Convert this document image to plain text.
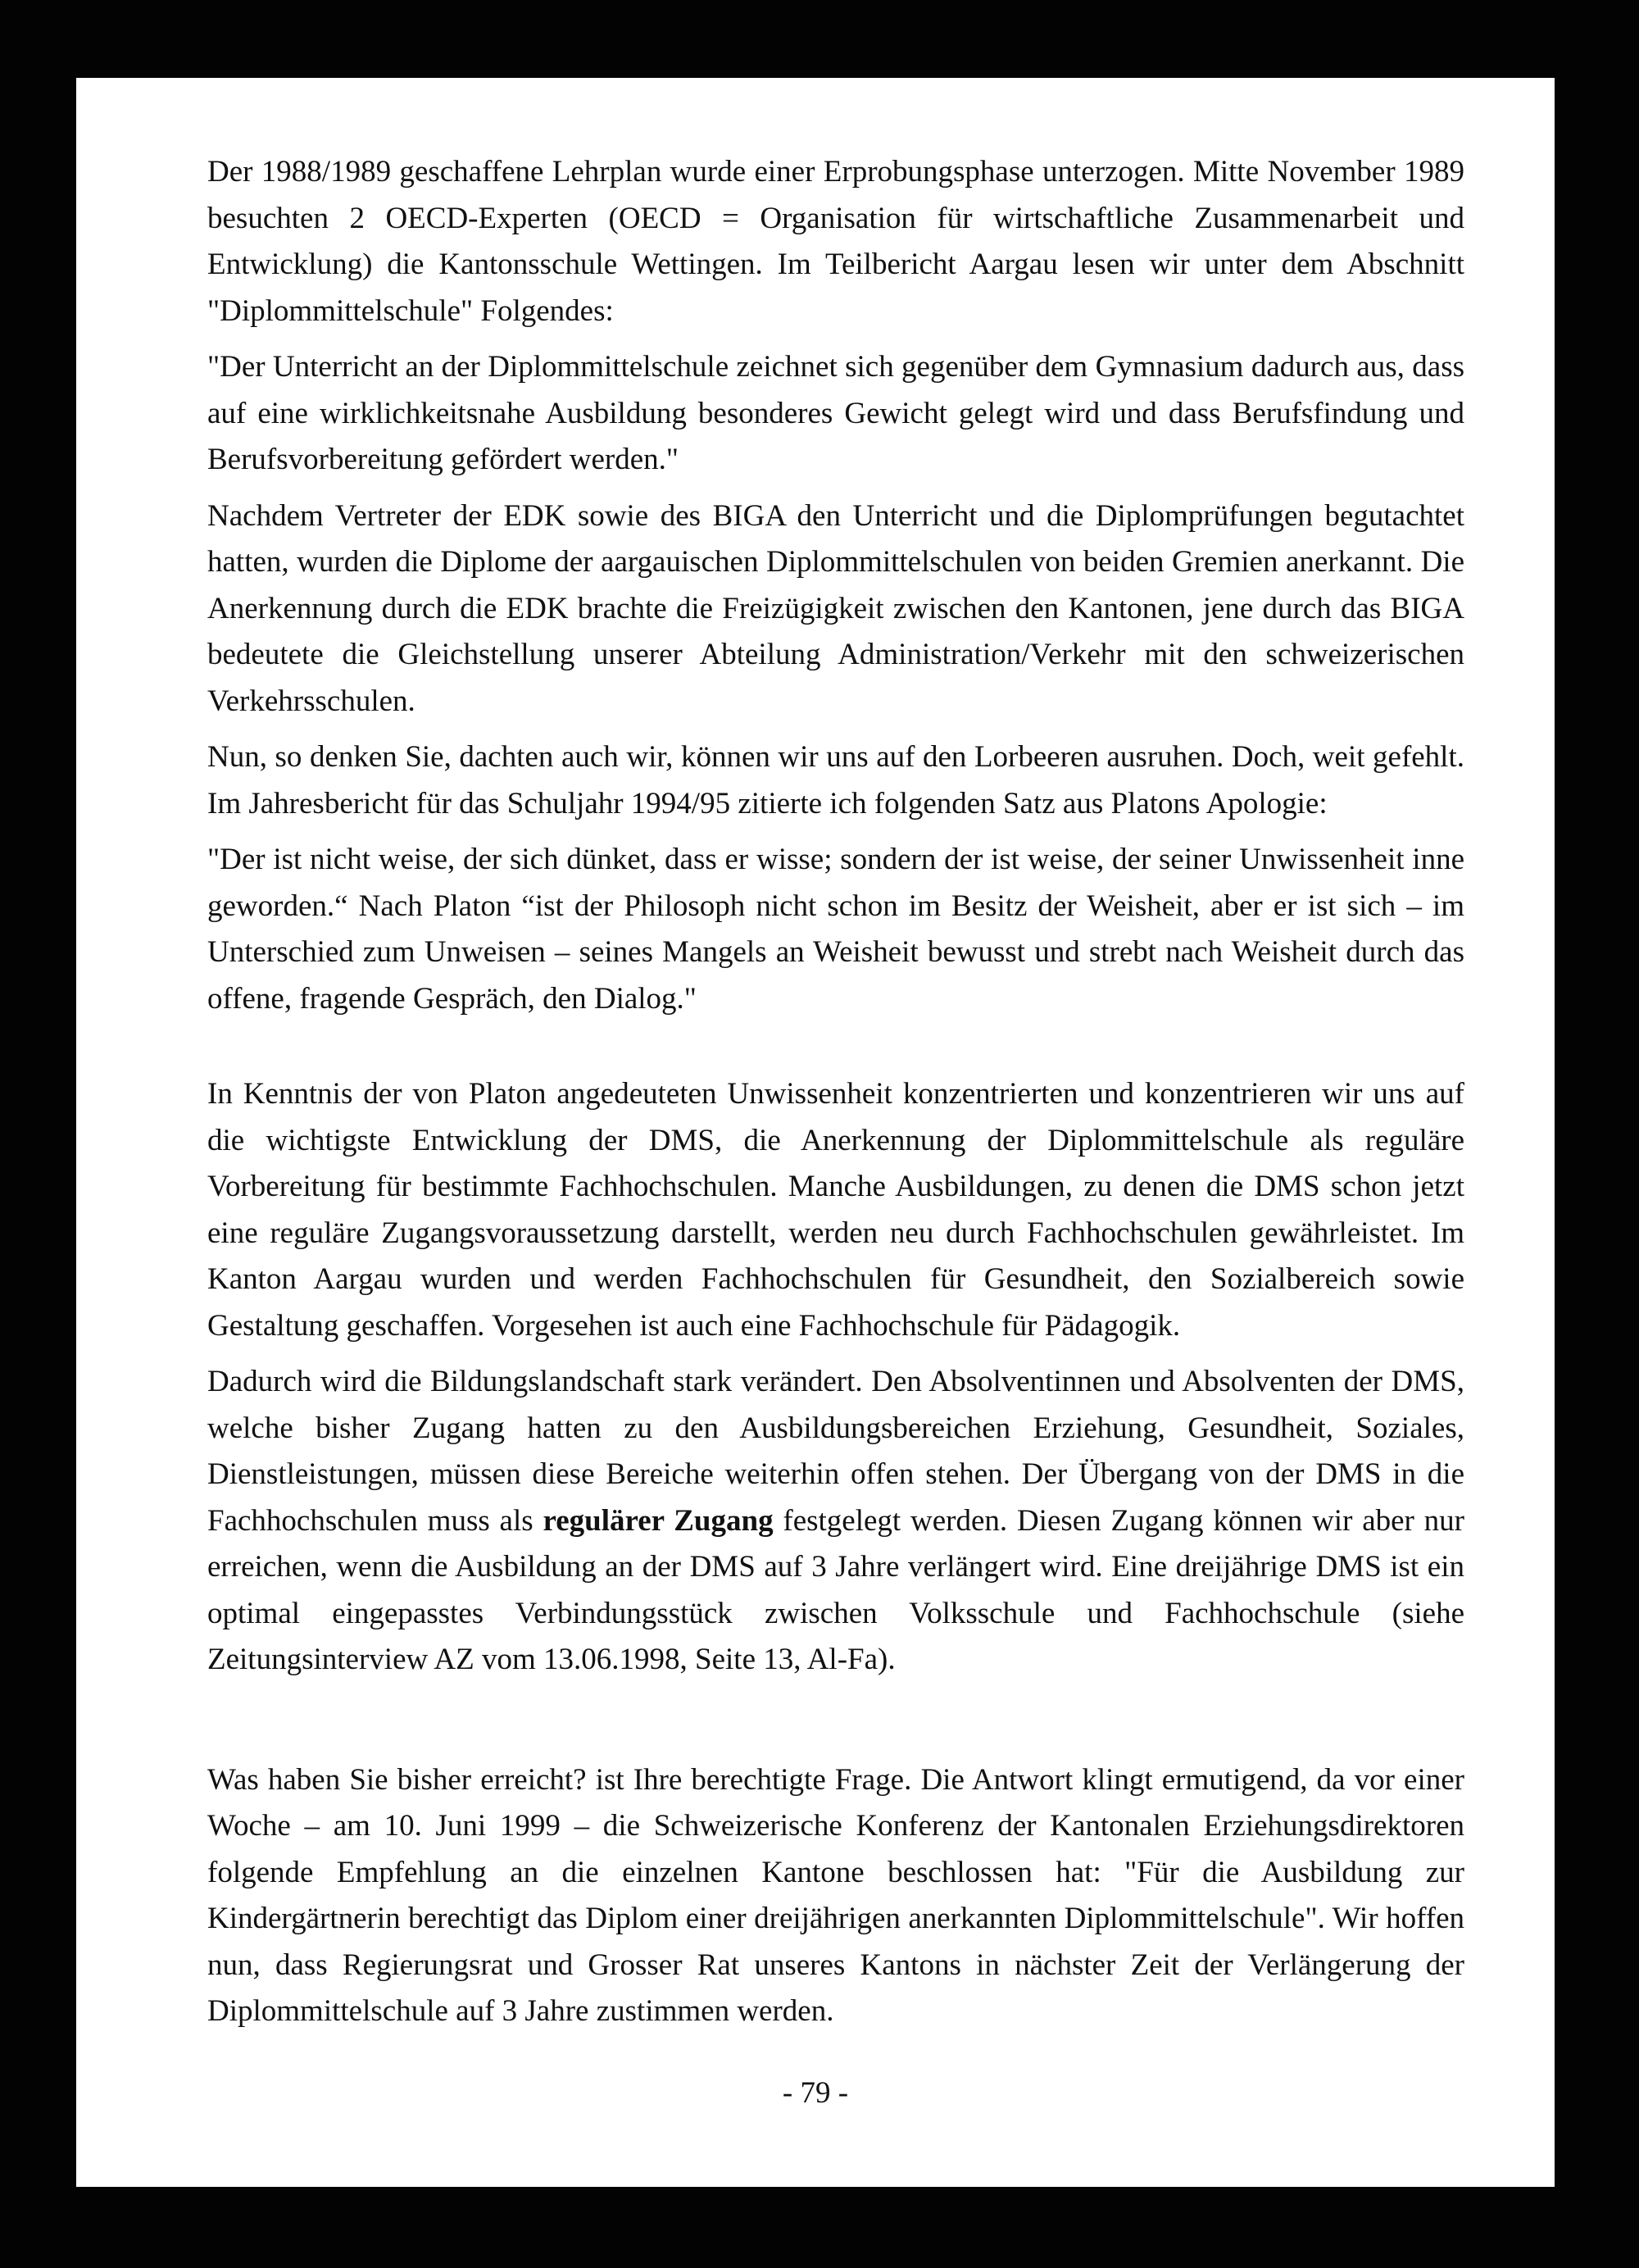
Der 1988/1989 geschaffene Lehrplan wurde einer Erprobungsphase unterzogen. Mitte November 1989 besuchten 2 OECD-Experten (OECD = Organisation für wirtschaftliche Zusammenarbeit und Entwicklung) die Kantonsschule Wettingen. Im Teilbericht Aargau lesen wir unter dem Abschnitt "Diplommittelschule" Folgendes:

"Der Unterricht an der Diplommittelschule zeichnet sich gegenüber dem Gymnasium dadurch aus, dass auf eine wirklichkeitsnahe Ausbildung besonderes Gewicht gelegt wird und dass Berufsfindung und Berufsvorbereitung gefördert werden."

Nachdem Vertreter der EDK sowie des BIGA den Unterricht und die Diplomprüfungen begutachtet hatten, wurden die Diplome der aargauischen Diplommittelschulen von beiden Gremien anerkannt. Die Anerkennung durch die EDK brachte die Freizügigkeit zwischen den Kantonen, jene durch das BIGA bedeutete die Gleichstellung unserer Abteilung Administration/Verkehr mit den schweizerischen Verkehrsschulen.

Nun, so denken Sie, dachten auch wir, können wir uns auf den Lorbeeren ausruhen. Doch, weit gefehlt. Im Jahresbericht für das Schuljahr 1994/95 zitierte ich folgenden Satz aus Platons Apologie:

"Der ist nicht weise, der sich dünket, dass er wisse; sondern der ist weise, der seiner Unwissenheit inne geworden.“ Nach Platon “ist der Philosoph nicht schon im Besitz der Weisheit, aber er ist sich – im Unterschied zum Unweisen – seines Mangels an Weisheit bewusst und strebt nach Weisheit durch das offene, fragende Gespräch, den Dialog."

In Kenntnis der von Platon angedeuteten Unwissenheit konzentrierten und konzentrieren wir uns auf die wichtigste Entwicklung der DMS, die Anerkennung der Diplommittelschule als reguläre Vorbereitung für bestimmte Fachhochschulen. Manche Ausbildungen, zu denen die DMS schon jetzt eine reguläre Zugangsvoraussetzung darstellt, werden neu durch Fachhochschulen gewährleistet. Im Kanton Aargau wurden und werden Fachhochschulen für Gesundheit, den Sozialbereich sowie Gestaltung geschaffen. Vorgesehen ist auch eine Fachhochschule für Pädagogik.

Dadurch wird die Bildungslandschaft stark verändert. Den Absolventinnen und Absolventen der DMS, welche bisher Zugang hatten zu den Ausbildungsbereichen Erziehung, Gesundheit, Soziales, Dienstleistungen, müssen diese Bereiche weiterhin offen stehen. Der Übergang von der DMS in die Fachhochschulen muss als regulärer Zugang festgelegt werden. Diesen Zugang können wir aber nur erreichen, wenn die Ausbildung an der DMS auf 3 Jahre verlängert wird. Eine dreijährige DMS ist ein optimal eingepasstes Verbindungsstück zwischen Volksschule und Fachhochschule (siehe Zeitungsinterview AZ vom 13.06.1998, Seite 13, Al-Fa).

Was haben Sie bisher erreicht? ist Ihre berechtigte Frage. Die Antwort klingt ermutigend, da vor einer Woche – am 10. Juni 1999 – die Schweizerische Konferenz der Kantonalen Erziehungsdirektoren folgende Empfehlung an die einzelnen Kantone beschlossen hat: "Für die Ausbildung zur Kindergärtnerin berechtigt das Diplom einer dreijährigen anerkannten Diplommittelschule". Wir hoffen nun, dass Regierungsrat und Grosser Rat unseres Kantons in nächster Zeit der Verlängerung der Diplommittelschule auf 3 Jahre zustimmen werden.

- 79 -
